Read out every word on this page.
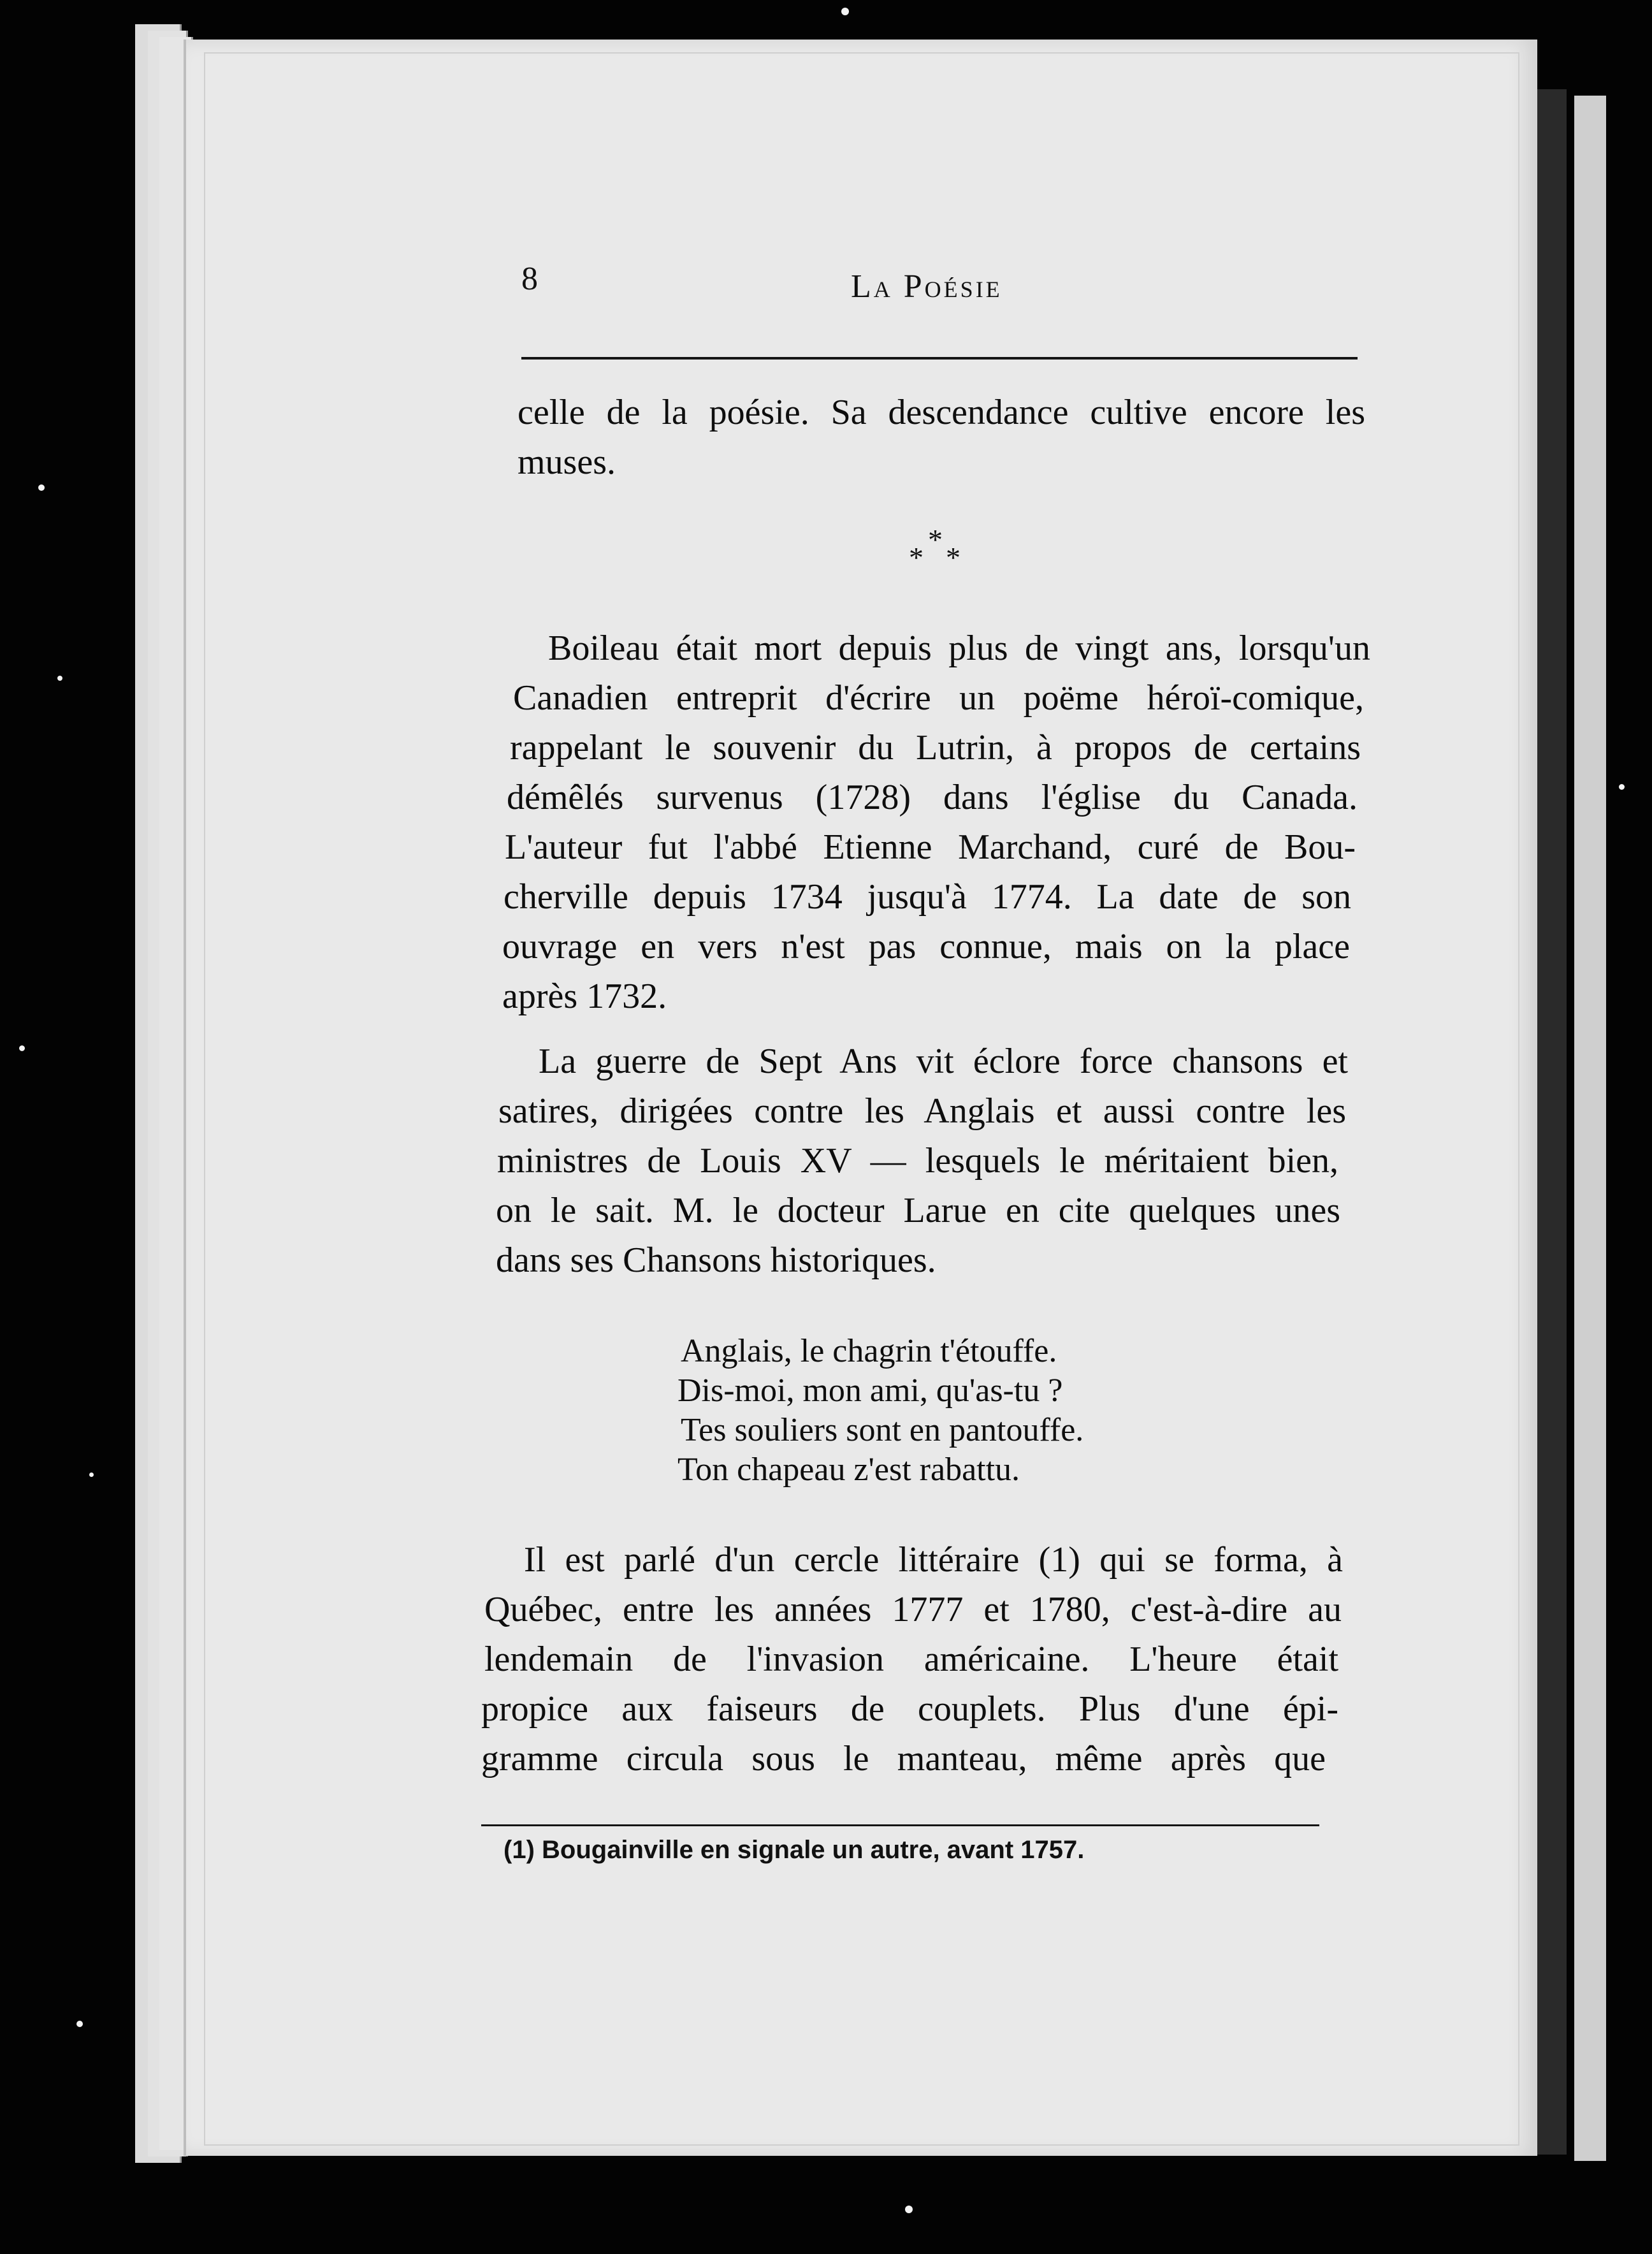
8	La Poésie
celle de la poésie. Sa descendance cultive encore les
muses.
*
* *
Boileau était mort depuis plus de vingt ans, lorsqu'un
Canadien entreprit d'écrire un poëme héroï-comique,
rappelant le souvenir du Lutrin, à propos de certains
démêlés survenus (1728) dans l'église du Canada.
L'auteur fut l'abbé Etienne Marchand, curé de Bou-
cherville depuis 1734 jusqu'à 1774. La date de son
ouvrage en vers n'est pas connue, mais on la place
après 1732.
La guerre de Sept Ans vit éclore force chansons et
satires, dirigées contre les Anglais et aussi contre les
ministres de Louis XV — lesquels le méritaient bien,
on le sait. M. le docteur Larue en cite quelques unes
dans ses Chansons historiques.
Anglais, le chagrin t'étouffe.
Dis-moi, mon ami, qu'as-tu ?
Tes souliers sont en pantouffe.
Ton chapeau z'est rabattu.
Il est parlé d'un cercle littéraire (1) qui se forma, à
Québec, entre les années 1777 et 1780, c'est-à-dire au
lendemain de l'invasion américaine. L'heure était
propice aux faiseurs de couplets. Plus d'une épi-
gramme circula sous le manteau, même après que
(1) Bougainville en signale un autre, avant 1757.
